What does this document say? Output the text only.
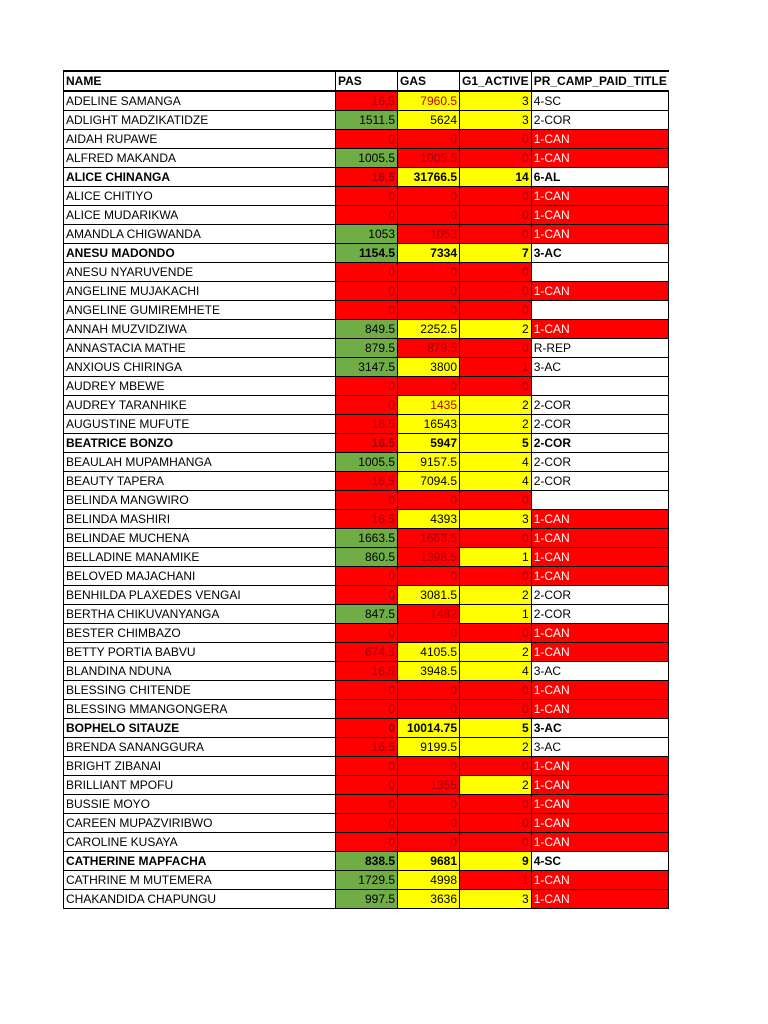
NAME	PAS	GAS	G1_ACTIVE	PR_CAMP_PAID_TITLE
ADELINE SAMANGA	16.5	7960.5	3	4-SC
ADLIGHT MADZIKATIDZE	1511.5	5624	3	2-COR
AIDAH RUPAWE	0	0	0	1-CAN
ALFRED MAKANDA	1005.5	1005.5	0	1-CAN
ALICE CHINANGA	16.5	31766.5	14	6-AL
ALICE CHITIYO	0	0	0	1-CAN
ALICE MUDARIKWA	0	0	0	1-CAN
AMANDLA CHIGWANDA	1053	1053	0	1-CAN
ANESU MADONDO	1154.5	7334	7	3-AC
ANESU NYARUVENDE	0	0	0	
ANGELINE MUJAKACHI	0	0	0	1-CAN
ANGELINE GUMIREMHETE	0	0	0	
ANNAH MUZVIDZIWA	849.5	2252.5	2	1-CAN
ANNASTACIA MATHE	879.5	879.5	0	R-REP
ANXIOUS CHIRINGA	3147.5	3800	1	3-AC
AUDREY MBEWE	0	0	0	
AUDREY TARANHIKE	0	1435	2	2-COR
AUGUSTINE MUFUTE	16.5	16543	2	2-COR
BEATRICE BONZO	16.5	5947	5	2-COR
BEAULAH MUPAMHANGA	1005.5	9157.5	4	2-COR
BEAUTY TAPERA	16.5	7094.5	4	2-COR
BELINDA MANGWIRO	0	0	0	
BELINDA MASHIRI	16.5	4393	3	1-CAN
BELINDAE MUCHENA	1663.5	1663.5	0	1-CAN
BELLADINE MANAMIKE	860.5	1398.5	1	1-CAN
BELOVED MAJACHANI	0	0	0	1-CAN
BENHILDA PLAXEDES VENGAI	0	3081.5	2	2-COR
BERTHA CHIKUVANYANGA	847.5	1482	1	2-COR
BESTER CHIMBAZO	0	0	0	1-CAN
BETTY PORTIA BABVU	674.5	4105.5	2	1-CAN
BLANDINA NDUNA	16.5	3948.5	4	3-AC
BLESSING CHITENDE	0	0	0	1-CAN
BLESSING MMANGONGERA	0	0	0	1-CAN
BOPHELO SITAUZE	0	10014.75	5	3-AC
BRENDA SANANGGURA	16.5	9199.5	2	3-AC
BRIGHT ZIBANAI	0	0	0	1-CAN
BRILLIANT MPOFU	0	1355	2	1-CAN
BUSSIE MOYO	0	0	0	1-CAN
CAREEN MUPAZVIRIBWO	0	0	0	1-CAN
CAROLINE KUSAYA	0	0	0	1-CAN
CATHERINE MAPFACHA	838.5	9681	9	4-SC
CATHRINE M MUTEMERA	1729.5	4998	1	1-CAN
CHAKANDIDA CHAPUNGU	997.5	3636	3	1-CAN
